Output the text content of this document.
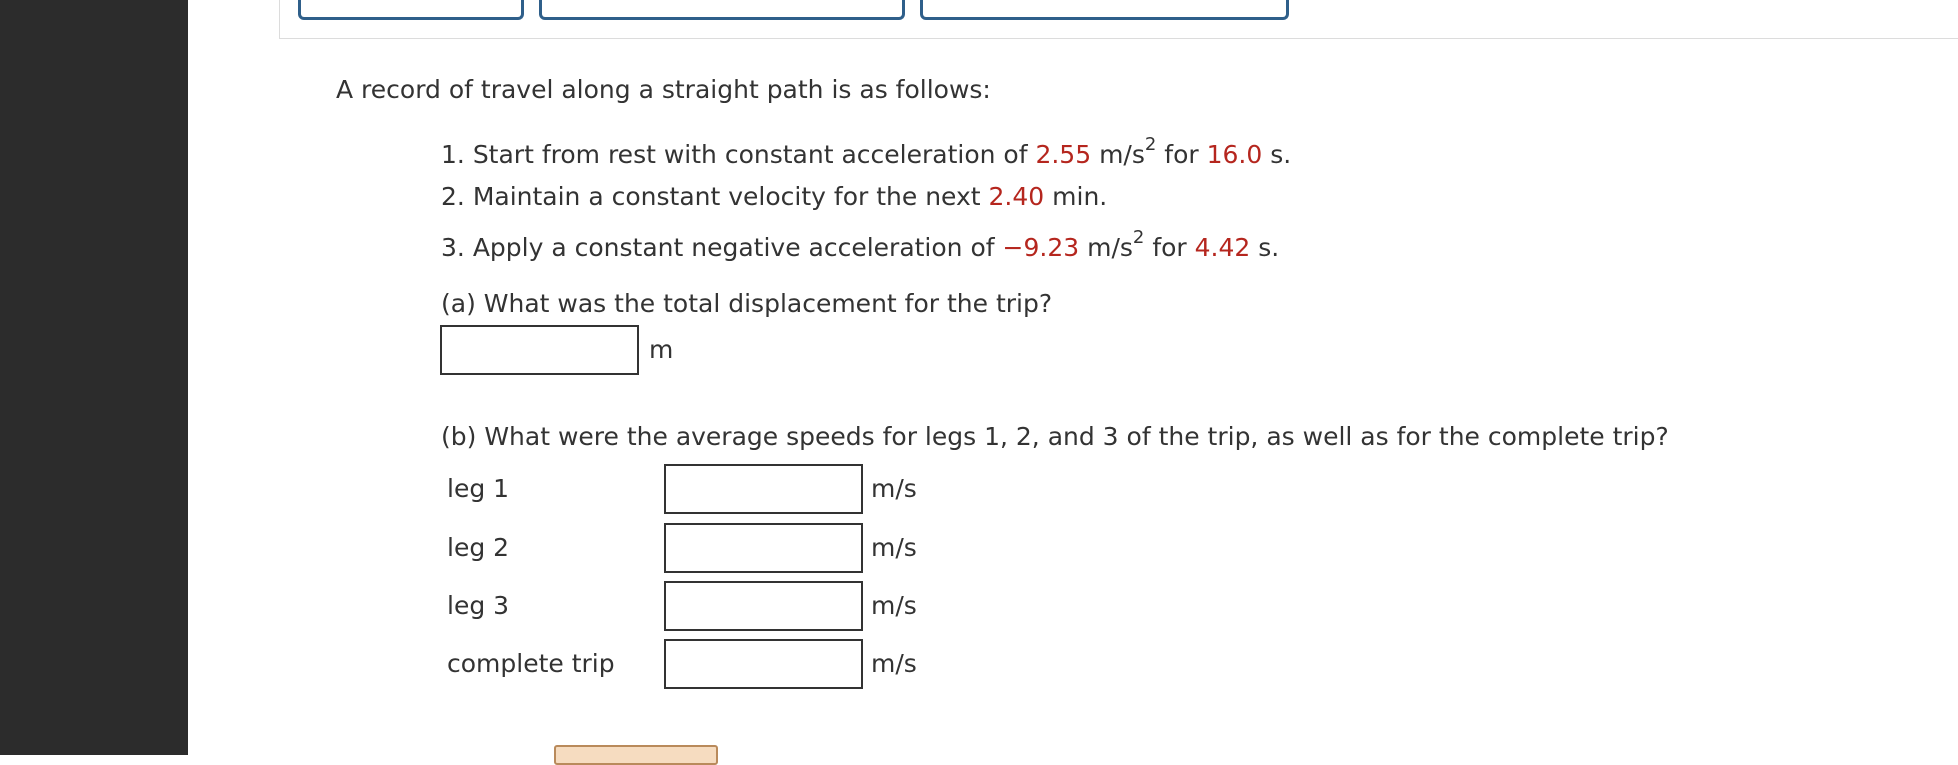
A record of travel along a straight path is as follows:
1. Start from rest with constant acceleration of 2.55 $m/s^2$ for 16.0 s.
2. Maintain a constant velocity for the next 2.40 min.
3. Apply a constant negative acceleration of −9.23 $m/s^2$ for 4.42 s.
(a) What was the total displacement for the trip?
m
(b) What were the average speeds for legs 1, 2, and 3 of the trip, as well as for the complete trip?
leg 1	m/s
leg 2	m/s
leg 3	m/s
complete trip	m/s
